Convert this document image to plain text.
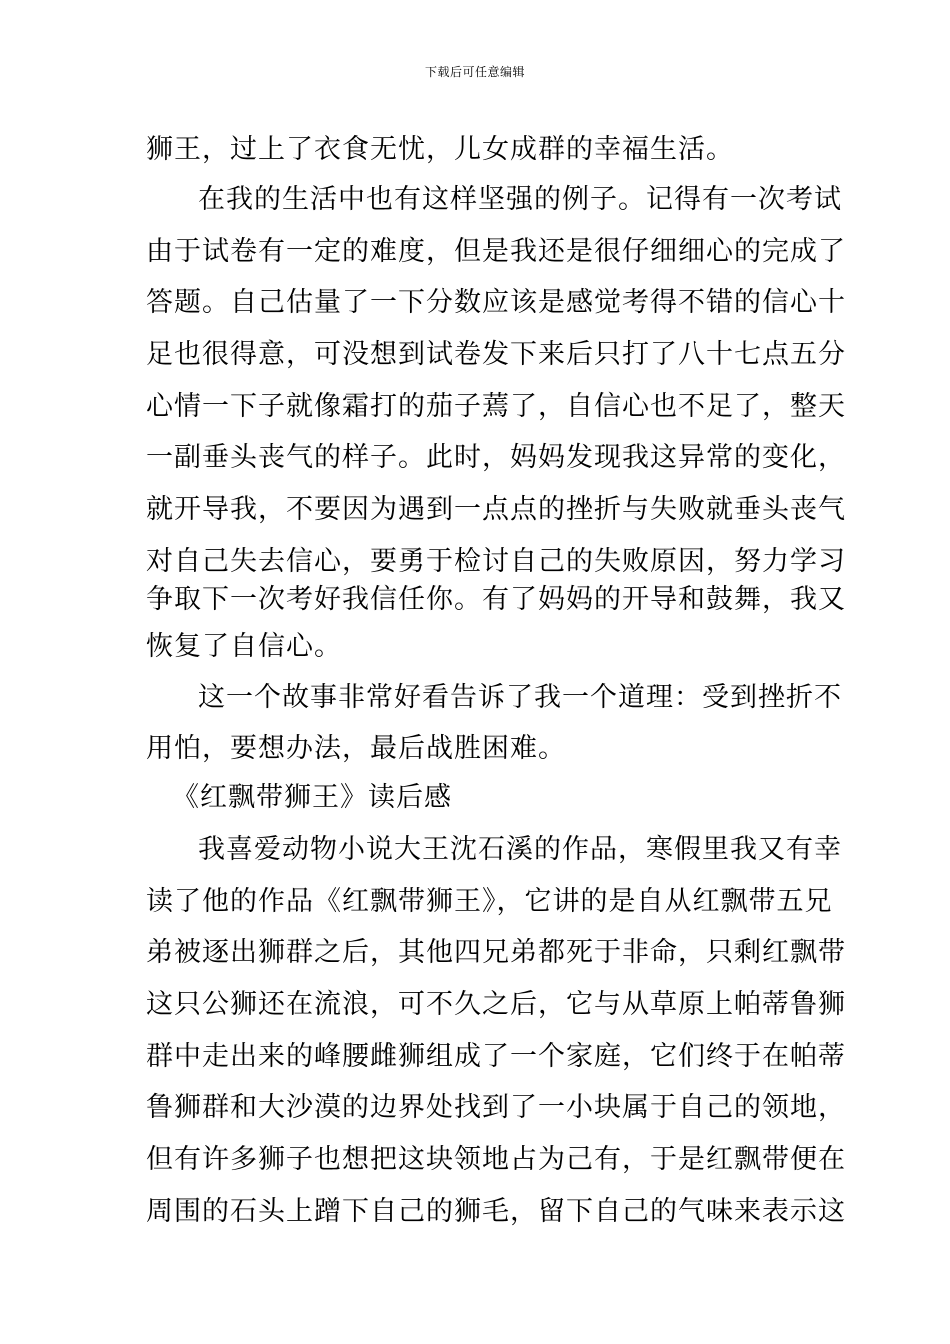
下载后可任意编辑
狮王，过上了衣食无忧，儿女成群的幸福生活。
在我的生活中也有这样坚强的例子。记得有一次考试
由于试卷有一定的难度，但是我还是很仔细细心的完成了
答题。自己估量了一下分数应该是感觉考得不错的信心十
足也很得意，可没想到试卷发下来后只打了八十七点五分
心情一下子就像霜打的茄子蔫了，自信心也不足了，整天
一副垂头丧气的样子。此时，妈妈发现我这异常的变化，
就开导我，不要因为遇到一点点的挫折与失败就垂头丧气
对自己失去信心，要勇于检讨自己的失败原因，努力学习
争取下一次考好我信任你。有了妈妈的开导和鼓舞，我又
恢复了自信心。
这一个故事非常好看告诉了我一个道理：受到挫折不
用怕，要想办法，最后战胜困难。
《红飘带狮王》读后感
我喜爱动物小说大王沈石溪的作品，寒假里我又有幸
读了他的作品《红飘带狮王》，它讲的是自从红飘带五兄
弟被逐出狮群之后，其他四兄弟都死于非命，只剩红飘带
这只公狮还在流浪，可不久之后，它与从草原上帕蒂鲁狮
群中走出来的峰腰雌狮组成了一个家庭，它们终于在帕蒂
鲁狮群和大沙漠的边界处找到了一小块属于自己的领地，
但有许多狮子也想把这块领地占为己有，于是红飘带便在
周围的石头上蹭下自己的狮毛，留下自己的气味来表示这
